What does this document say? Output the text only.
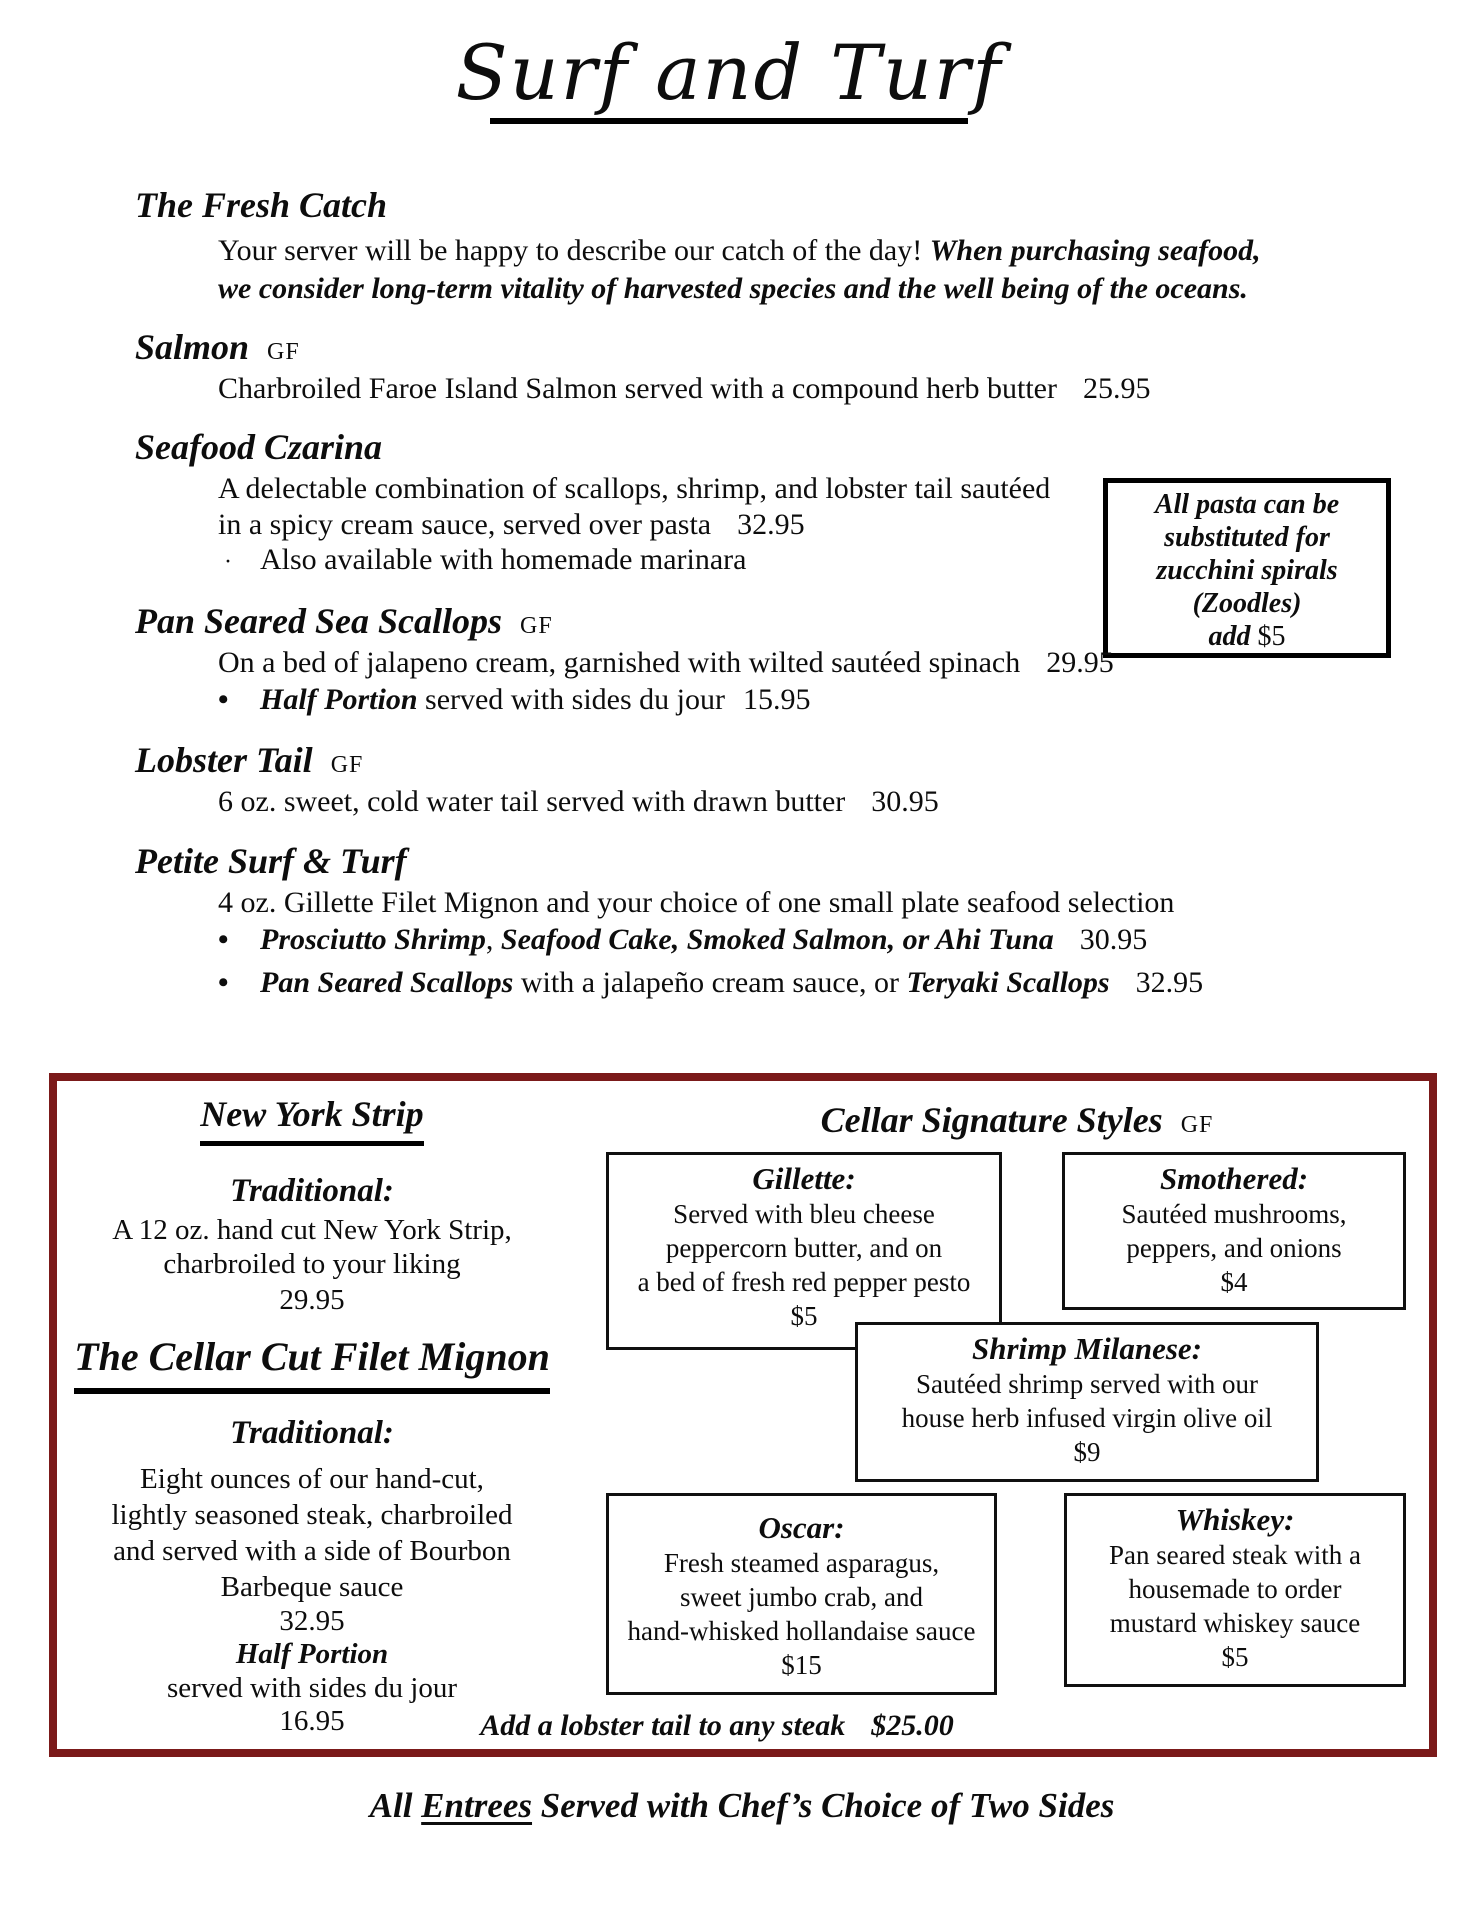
Surf and Turf
The Fresh Catch
Your server will be happy to describe our catch of the day! When purchasing seafood,
we consider long-term vitality of harvested species and the well being of the oceans.
Salmon GF
Charbroiled Faroe Island Salmon served with a compound herb butter 25.95
Seafood Czarina
A delectable combination of scallops, shrimp, and lobster tail sautéed
in a spicy cream sauce, served over pasta 32.95
·Also available with homemade marinara
All pasta can be
substituted for
zucchini spirals
(Zoodles)
add $5
Pan Seared Sea Scallops GF
On a bed of jalapeno cream, garnished with wilted sautéed spinach 29.95
•Half Portion served with sides du jour 15.95
Lobster Tail GF
6 oz. sweet, cold water tail served with drawn butter 30.95
Petite Surf & Turf
4 oz. Gillette Filet Mignon and your choice of one small plate seafood selection
•Prosciutto Shrimp, Seafood Cake, Smoked Salmon, or Ahi Tuna 30.95
•Pan Seared Scallops with a jalapeño cream sauce, or Teryaki Scallops 32.95
New York Strip
Traditional:
A 12 oz. hand cut New York Strip,
charbroiled to your liking
29.95
The Cellar Cut Filet Mignon
Traditional:
Eight ounces of our hand-cut,
lightly seasoned steak, charbroiled
and served with a side of Bourbon
Barbeque sauce
32.95
Half Portion
served with sides du jour
16.95
Cellar Signature Styles GF
Gillette:
Served with bleu cheese
peppercorn butter, and on
a bed of fresh red pepper pesto
$5
Smothered:
Sautéed mushrooms,
peppers, and onions
$4
Shrimp Milanese:
Sautéed shrimp served with our
house herb infused virgin olive oil
$9
Oscar:
Fresh steamed asparagus,
sweet jumbo crab, and
hand-whisked hollandaise sauce
$15
Whiskey:
Pan seared steak with a
housemade to order
mustard whiskey sauce
$5
Add a lobster tail to any steak $25.00
All Entrees Served with Chef’s Choice of Two Sides
